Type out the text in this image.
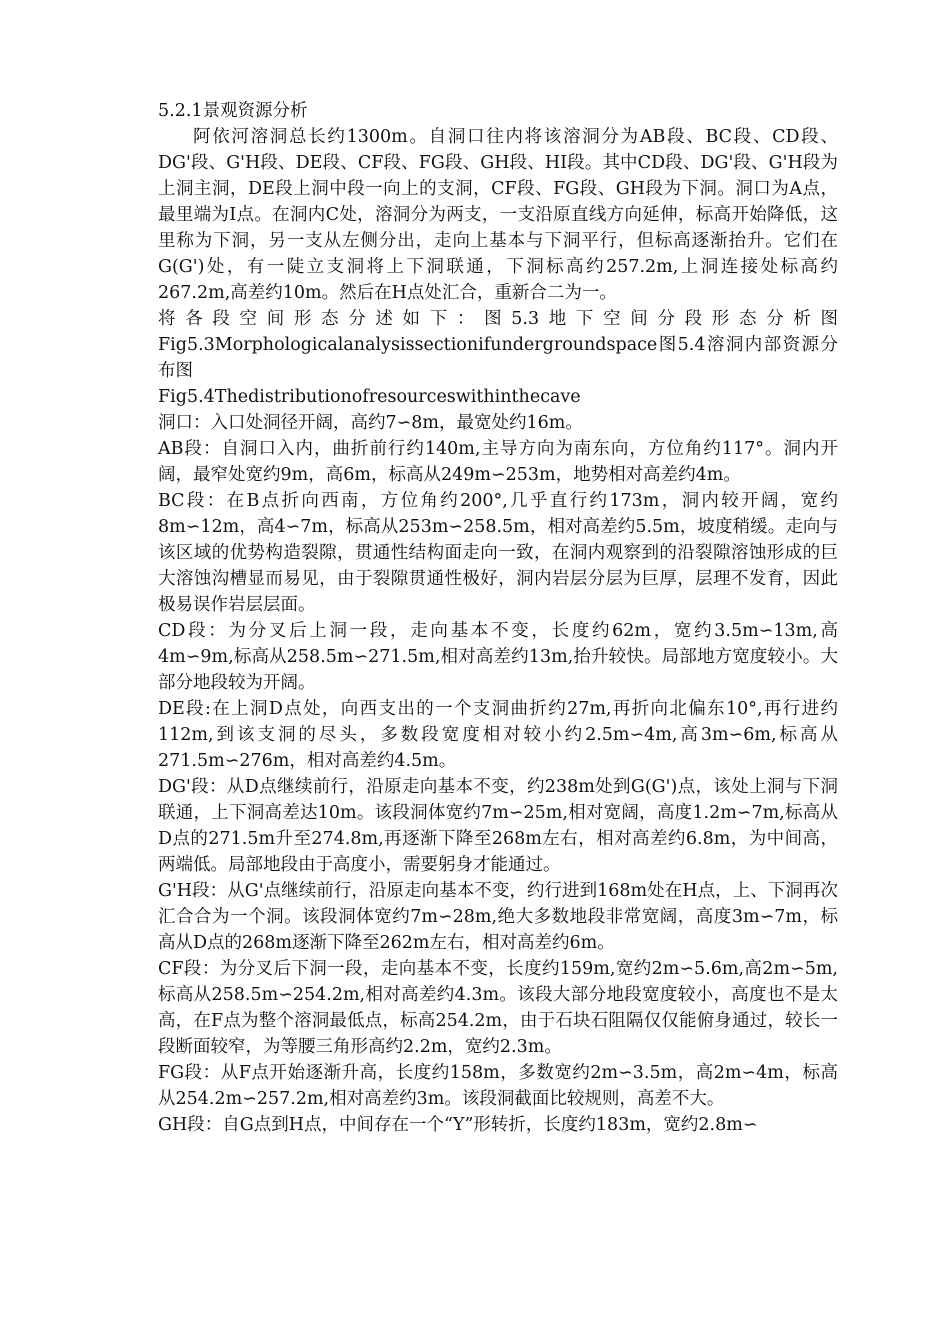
5.2.1景观资源分析

阿依河溶洞总长约1300m。自洞口往内将该溶洞分为AB段、BC段、CD段、DG'段、G'H段、DE段、CF段、FG段、GH段、HI段。其中CD段、DG'段、G'H段为上洞主洞，DE段上洞中段一向上的支洞，CF段、FG段、GH段为下洞。洞口为A点，最里端为I点。在洞内C处，溶洞分为两支，一支沿原直线方向延伸，标高开始降低，这里称为下洞，另一支从左侧分出，走向上基本与下洞平行，但标高逐渐抬升。它们在G(G')处，有一陡立支洞将上下洞联通，下洞标高约257.2m,上洞连接处标高约267.2m,高差约10m。然后在H点处汇合，重新合二为一。

将各段空间形态分述如下：图5.3地下空间分段形态分析图Fig5.3Morphologicalanalysissectionifundergroundspace图5.4溶洞内部资源分布图

Fig5.4Thedistributionofresourceswithinthecave

洞口：入口处洞径开阔，高约7∽8m，最宽处约16m。

AB段：自洞口入内，曲折前行约140m,主导方向为南东向，方位角约117°。洞内开阔，最窄处宽约9m，高6m，标高从249m∽253m，地势相对高差约4m。

BC段：在B点折向西南，方位角约200°,几乎直行约173m，洞内较开阔，宽约8m∽12m，高4∽7m，标高从253m∽258.5m，相对高差约5.5m，坡度稍缓。走向与该区域的优势构造裂隙，贯通性结构面走向一致，在洞内观察到的沿裂隙溶蚀形成的巨大溶蚀沟槽显而易见，由于裂隙贯通性极好，洞内岩层分层为巨厚，层理不发育，因此极易误作岩层层面。

CD段：为分叉后上洞一段，走向基本不变，长度约62m，宽约3.5m∽13m,高4m∽9m,标高从258.5m∽271.5m,相对高差约13m,抬升较快。局部地方宽度较小。大部分地段较为开阔。

DE段:在上洞D点处，向西支出的一个支洞曲折约27m,再折向北偏东10°,再行进约112m,到该支洞的尽头，多数段宽度相对较小约2.5m∽4m,高3m∽6m,标高从271.5m∽276m，相对高差约4.5m。

DG'段：从D点继续前行，沿原走向基本不变，约238m处到G(G')点，该处上洞与下洞联通，上下洞高差达10m。该段洞体宽约7m∽25m,相对宽阔，高度1.2m∽7m,标高从D点的271.5m升至274.8m,再逐渐下降至268m左右，相对高差约6.8m，为中间高，两端低。局部地段由于高度小，需要躬身才能通过。

G'H段：从G'点继续前行，沿原走向基本不变，约行进到168m处在H点，上、下洞再次汇合合为一个洞。该段洞体宽约7m∽28m,绝大多数地段非常宽阔，高度3m∽7m，标高从D点的268m逐渐下降至262m左右，相对高差约6m。

CF段：为分叉后下洞一段，走向基本不变，长度约159m,宽约2m∽5.6m,高2m∽5m,标高从258.5m∽254.2m,相对高差约4.3m。该段大部分地段宽度较小，高度也不是太高，在F点为整个溶洞最低点，标高254.2m，由于石块石阻隔仅仅能俯身通过，较长一段断面较窄，为等腰三角形高约2.2m，宽约2.3m。

FG段：从F点开始逐渐升高，长度约158m，多数宽约2m∽3.5m，高2m∽4m，标高从254.2m∽257.2m,相对高差约3m。该段洞截面比较规则，高差不大。

GH段：自G点到H点，中间存在一个“Y”形转折，长度约183m，宽约2.8m∽
